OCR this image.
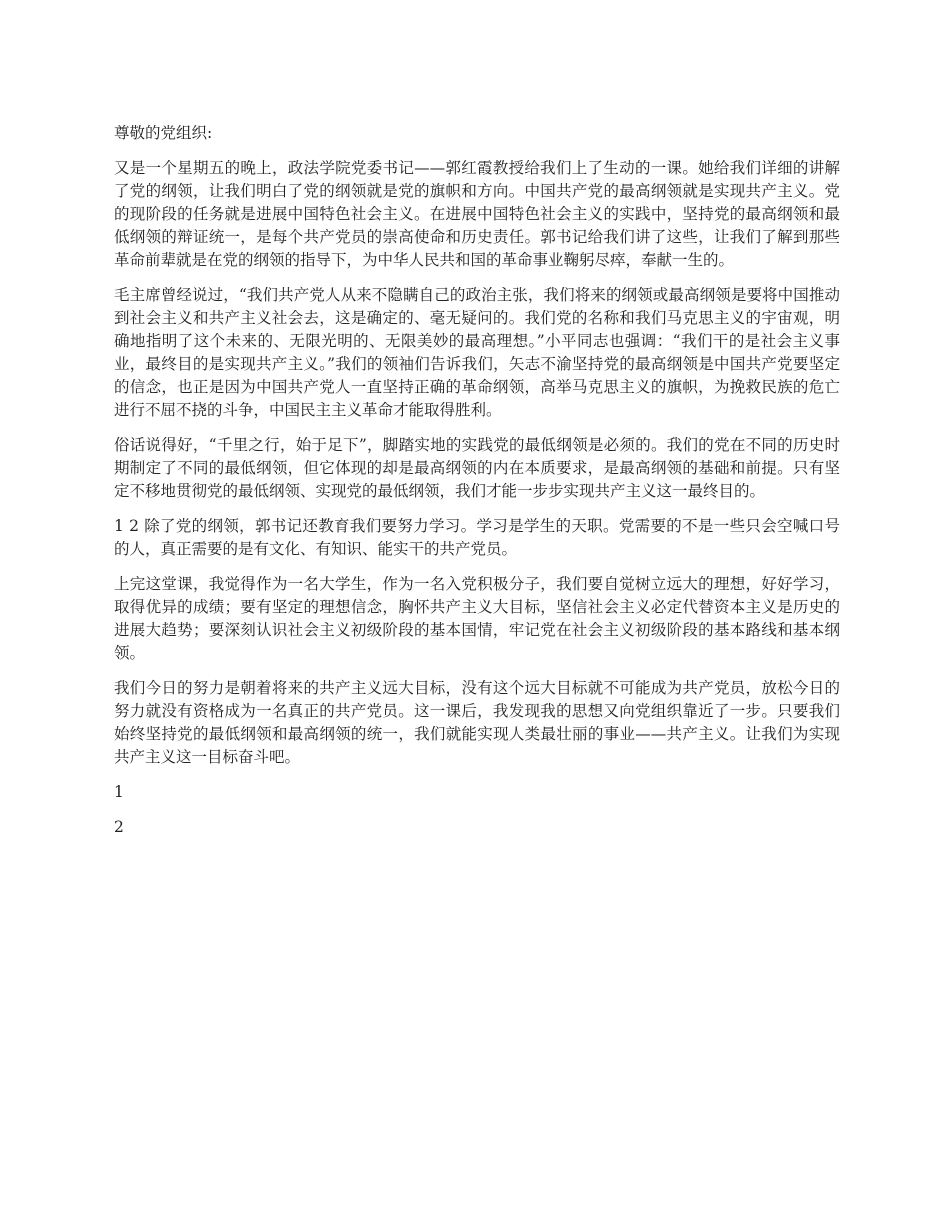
尊敬的党组织:

又是一个星期五的晚上，政法学院党委书记——郭红霞教授给我们上了生动的一课。她给我们详细的讲解了党的纲领，让我们明白了党的纲领就是党的旗帜和方向。中国共产党的最高纲领就是实现共产主义。党的现阶段的任务就是进展中国特色社会主义。在进展中国特色社会主义的实践中，坚持党的最高纲领和最低纲领的辩证统一，是每个共产党员的崇高使命和历史责任。郭书记给我们讲了这些，让我们了解到那些革命前辈就是在党的纲领的指导下，为中华人民共和国的革命事业鞠躬尽瘁，奉献一生的。

毛主席曾经说过，“我们共产党人从来不隐瞒自己的政治主张，我们将来的纲领或最高纲领是要将中国推动到社会主义和共产主义社会去，这是确定的、毫无疑问的。我们党的名称和我们马克思主义的宇宙观，明确地指明了这个未来的、无限光明的、无限美妙的最高理想。”小平同志也强调：“我们干的是社会主义事业，最终目的是实现共产主义。”我们的领袖们告诉我们，矢志不渝坚持党的最高纲领是中国共产党要坚定的信念，也正是因为中国共产党人一直坚持正确的革命纲领，高举马克思主义的旗帜，为挽救民族的危亡进行不屈不挠的斗争，中国民主主义革命才能取得胜利。

俗话说得好，“千里之行，始于足下”，脚踏实地的实践党的最低纲领是必须的。我们的党在不同的历史时期制定了不同的最低纲领，但它体现的却是最高纲领的内在本质要求，是最高纲领的基础和前提。只有坚定不移地贯彻党的最低纲领、实现党的最低纲领，我们才能一步步实现共产主义这一最终目的。

1 2 除了党的纲领，郭书记还教育我们要努力学习。学习是学生的天职。党需要的不是一些只会空喊口号的人，真正需要的是有文化、有知识、能实干的共产党员。

上完这堂课，我觉得作为一名大学生，作为一名入党积极分子，我们要自觉树立远大的理想，好好学习，取得优异的成绩；要有坚定的理想信念，胸怀共产主义大目标，坚信社会主义必定代替资本主义是历史的进展大趋势；要深刻认识社会主义初级阶段的基本国情，牢记党在社会主义初级阶段的基本路线和基本纲领。

我们今日的努力是朝着将来的共产主义远大目标，没有这个远大目标就不可能成为共产党员，放松今日的努力就没有资格成为一名真正的共产党员。这一课后，我发现我的思想又向党组织靠近了一步。只要我们始终坚持党的最低纲领和最高纲领的统一，我们就能实现人类最壮丽的事业——共产主义。让我们为实现共产主义这一目标奋斗吧。

1

2
